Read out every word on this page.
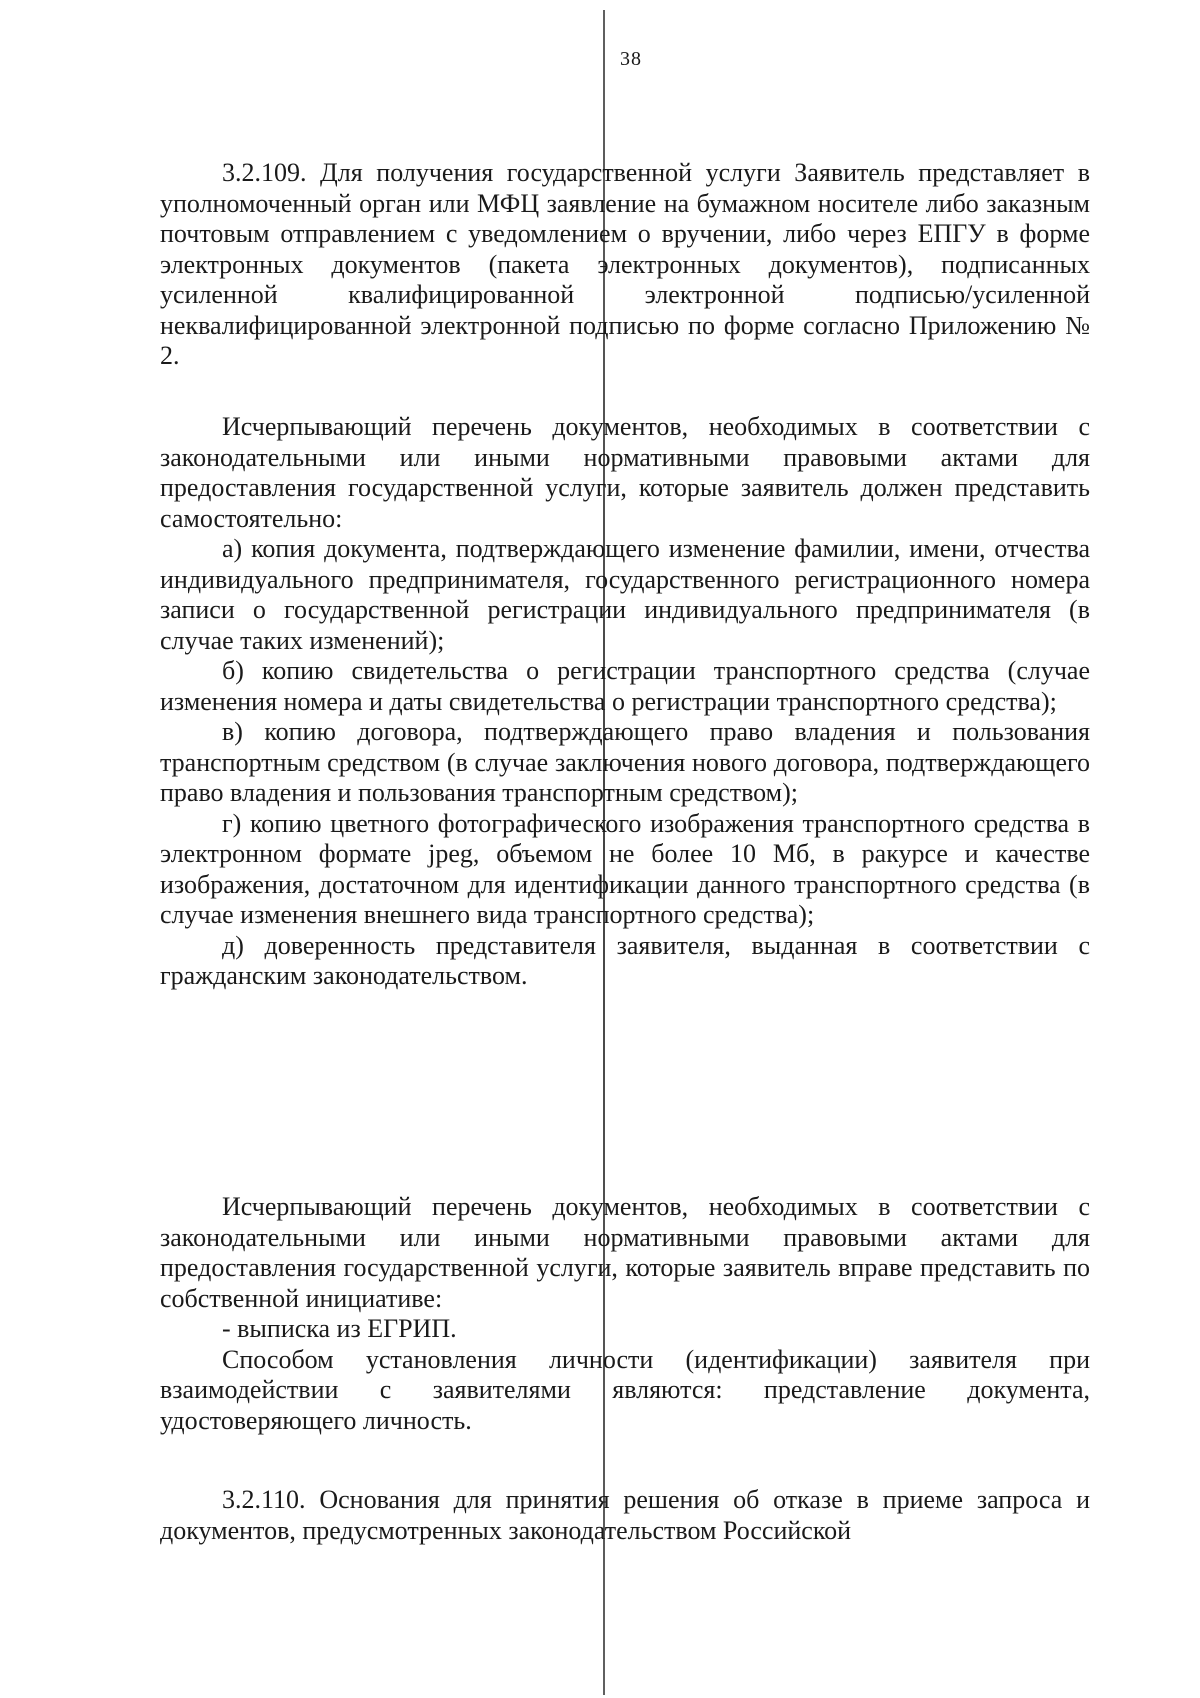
38

3.2.109. Для получения государственной услуги Заявитель представляет в уполномоченный орган или МФЦ заявление на бумажном носителе либо заказным почтовым отправлением с уведомлением о вручении, либо через ЕПГУ в форме электронных документов (пакета электронных документов), подписанных усиленной квалифицированной электронной подписью/усиленной неквалифицированной электронной подписью по форме согласно Приложению № 2.

Исчерпывающий перечень документов, необходимых в соответствии с законодательными или иными нормативными правовыми актами для предоставления государственной услуги, которые заявитель должен представить самостоятельно:

а) копия документа, подтверждающего изменение фамилии, имени, отчества индивидуального предпринимателя, государственного регистрационного номера записи о государственной регистрации индивидуального предпринимателя (в случае таких изменений);

б) копию свидетельства о регистрации транспортного средства (случае изменения номера и даты свидетельства о регистрации транспортного средства);

в) копию договора, подтверждающего право владения и пользования транспортным средством (в случае заключения нового договора, подтверждающего право владения и пользования транспортным средством);

г) копию цветного фотографического изображения транспортного средства в электронном формате jpeg, объемом не более 10 Мб, в ракурсе и качестве изображения, достаточном для идентификации данного транспортного средства (в случае изменения внешнего вида транспортного средства);

д) доверенность представителя заявителя, выданная в соответствии с гражданским законодательством.

Исчерпывающий перечень документов, необходимых в соответствии с законодательными или иными нормативными правовыми актами для предоставления государственной услуги, которые заявитель вправе представить по собственной инициативе:

- выписка из ЕГРИП.

Способом установления личности (идентификации) заявителя при взаимодействии с заявителями являются: представление документа, удостоверяющего личность.

3.2.110. Основания для принятия решения об отказе в приеме запроса и документов, предусмотренных законодательством Российской
